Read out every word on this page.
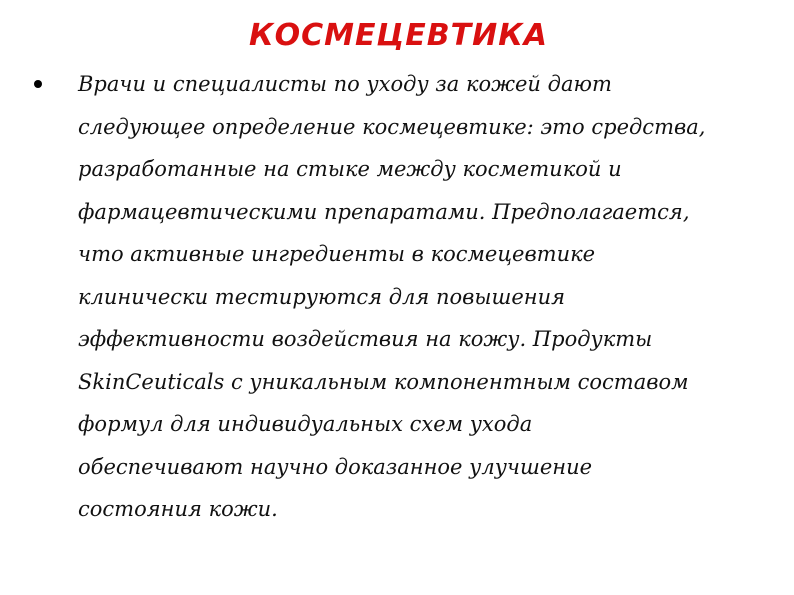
КОСМЕЦЕВТИКА

Врачи и специалисты по уходу за кожей дают
следующее определение космецевтике: это средства,
разработанные на стыке между косметикой и
фармацевтическими препаратами. Предполагается,
что активные ингредиенты в космецевтике
клинически тестируются для повышения
эффективности воздействия на кожу. Продукты
SkinCeuticals с уникальным компонентным составом
формул для индивидуальных схем ухода
обеспечивают научно доказанное улучшение
состояния кожи.
